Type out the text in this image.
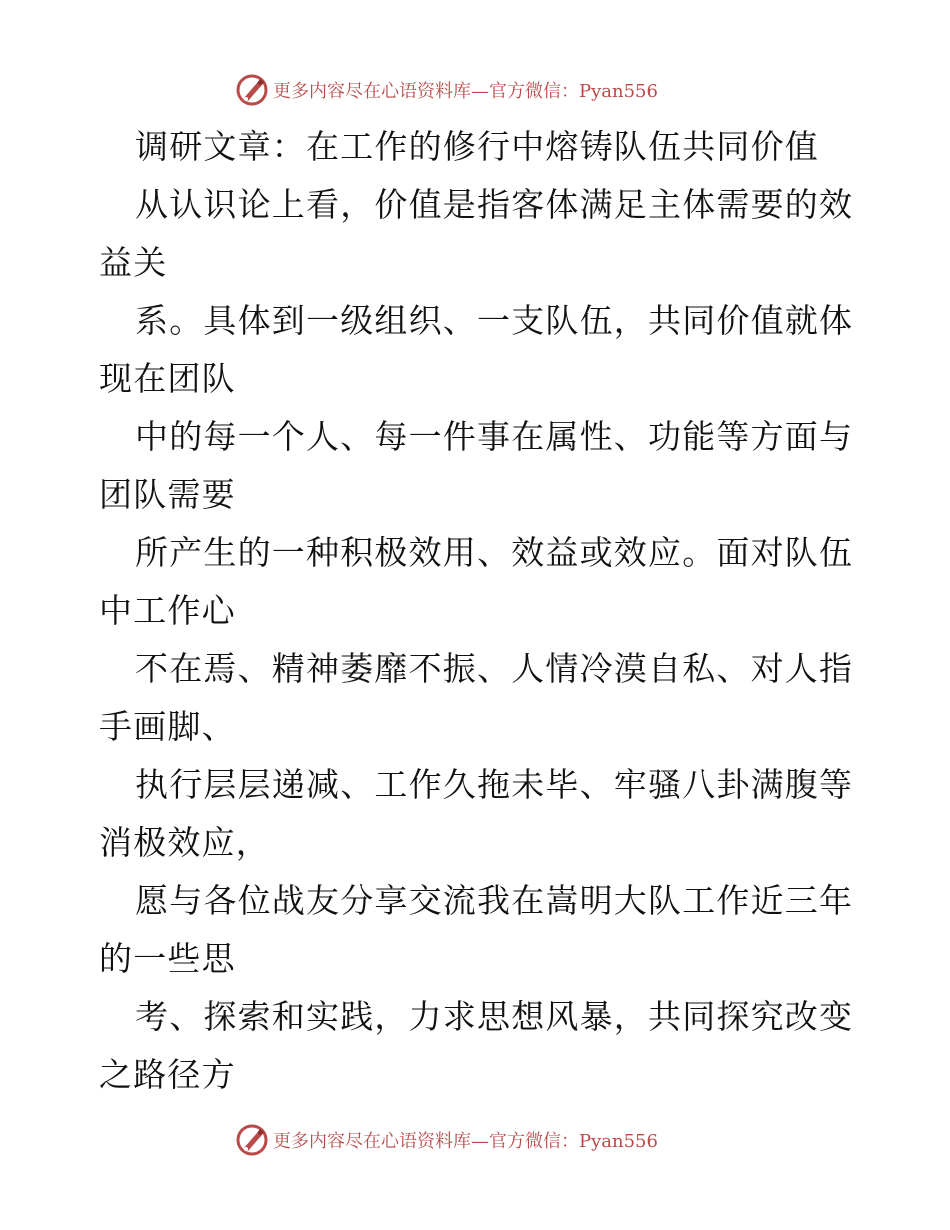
更多内容尽在心语资料库—官方微信：Pyan556
调研文章：在工作的修行中熔铸队伍共同价值
从认识论上看，价值是指客体满足主体需要的效
益关
系。具体到一级组织、一支队伍，共同价值就体
现在团队
中的每一个人、每一件事在属性、功能等方面与
团队需要
所产生的一种积极效用、效益或效应。面对队伍
中工作心
不在焉、精神萎靡不振、人情冷漠自私、对人指
手画脚、
执行层层递减、工作久拖未毕、牢骚八卦满腹等
消极效应，
愿与各位战友分享交流我在嵩明大队工作近三年
的一些思
考、探索和实践，力求思想风暴，共同探究改变
之路径方
更多内容尽在心语资料库—官方微信：Pyan556
